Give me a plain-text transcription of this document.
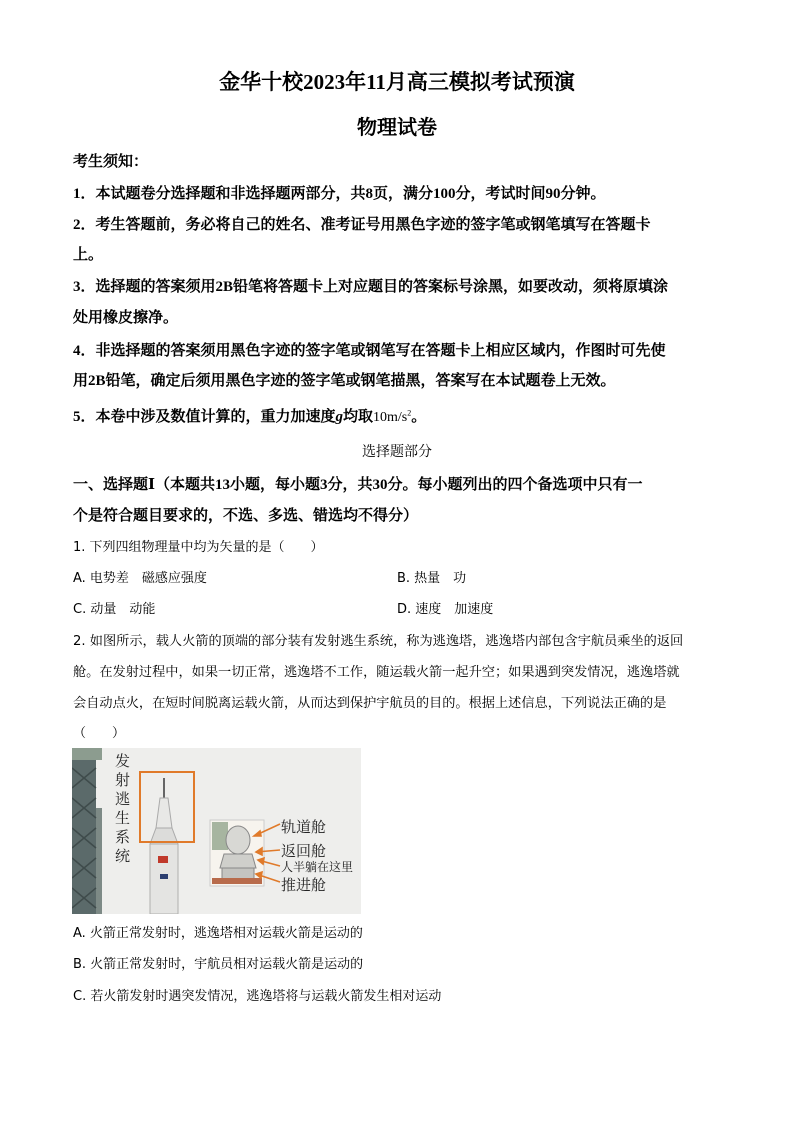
金华十校2023年11月高三模拟考试预演
物理试卷
考生须知：
1．本试题卷分选择题和非选择题两部分，共8页，满分100分，考试时间90分钟。
2．考生答题前，务必将自己的姓名、准考证号用黑色字迹的签字笔或钢笔填写在答题卡
上。
3．选择题的答案须用2B铅笔将答题卡上对应题目的答案标号涂黑，如要改动，须将原填涂
处用橡皮擦净。
4．非选择题的答案须用黑色字迹的签字笔或钢笔写在答题卡上相应区域内，作图时可先使
用2B铅笔，确定后须用黑色字迹的签字笔或钢笔描黑，答案写在本试题卷上无效。
5．本卷中涉及数值计算的，重力加速度g均取$10m/s^2$。
选择题部分
一、选择题Ⅰ（本题共13小题，每小题3分，共30分。每小题列出的四个备选项中只有一
个是符合题目要求的，不选、多选、错选均不得分）
1. 下列四组物理量中均为矢量的是（　　）
A. 电势差　磁感应强度	B. 热量　功
C. 动量　动能	D. 速度　加速度
2. 如图所示，载人火箭的顶端的部分装有发射逃生系统，称为逃逸塔，逃逸塔内部包含宇航员乘坐的返回
舱。在发射过程中，如果一切正常，逃逸塔不工作，随运载火箭一起升空；如果遇到突发情况，逃逸塔就
会自动点火，在短时间脱离运载火箭，从而达到保护宇航员的目的。根据上述信息，下列说法正确的是
（　　）
发
射
逃
生
系
统
轨道舱
返回舱
人半躺在这里
推进舱
A. 火箭正常发射时，逃逸塔相对运载火箭是运动的
B. 火箭正常发射时，宇航员相对运载火箭是运动的
C. 若火箭发射时遇突发情况，逃逸塔将与运载火箭发生相对运动
